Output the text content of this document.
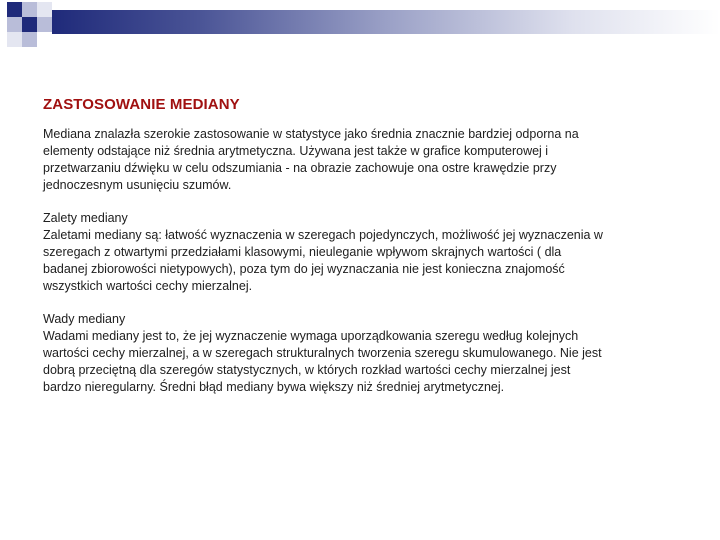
ZASTOSOWANIE MEDIANY

Mediana znalazła szerokie zastosowanie w statystyce jako średnia znacznie bardziej odporna na
elementy odstające niż średnia arytmetyczna. Używana jest także w grafice komputerowej i
przetwarzaniu dźwięku w celu odszumiania - na obrazie zachowuje ona ostre krawędzie przy
jednoczesnym usunięciu szumów.

Zalety mediany
Zaletami mediany są: łatwość wyznaczenia w szeregach pojedynczych, możliwość jej wyznaczenia w
szeregach z otwartymi przedziałami klasowymi, nieuleganie wpływom skrajnych wartości ( dla
badanej zbiorowości nietypowych), poza tym do jej wyznaczania nie jest konieczna znajomość
wszystkich wartości cechy mierzalnej.

Wady mediany
Wadami mediany jest to, że jej wyznaczenie wymaga uporządkowania szeregu według kolejnych
wartości cechy mierzalnej, a w szeregach strukturalnych tworzenia szeregu skumulowanego. Nie jest
dobrą przeciętną dla szeregów statystycznych, w których rozkład wartości cechy mierzalnej jest
bardzo nieregularny. Średni błąd mediany bywa większy niż średniej arytmetycznej.
